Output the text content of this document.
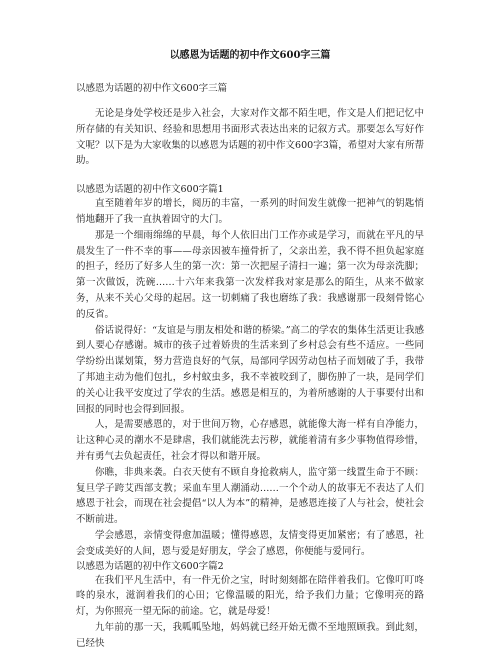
以感恩为话题的初中作文600字三篇

以感恩为话题的初中作文600字三篇

无论是身处学校还是步入社会，大家对作文都不陌生吧，作文是人们把记忆中所存储的有关知识、经验和思想用书面形式表达出来的记叙方式。那要怎么写好作文呢？以下是为大家收集的以感恩为话题的初中作文600字3篇，希望对大家有所帮助。

以感恩为话题的初中作文600字篇1

直至随着年岁的增长，阅历的丰富，一系列的时间发生就像一把神气的钥匙悄悄地翻开了我一直执着固守的大门。

那是一个细雨绵绵的早晨，每个人依旧出门工作亦或是学习，而就在平凡的早晨发生了一件不幸的事——母亲因被车撞骨折了，父亲出差，我不得不担负起家庭的担子，经历了好多人生的第一次：第一次把屋子清扫一遍；第一次为母亲洗脚；第一次做饭，洗碗……十六年来我第一次发样我对家是那么的陌生，从来不做家务，从来不关心父母的起居。这一切刺痛了我也磨练了我：我感谢那一段刻骨铭心的反省。

俗话说得好：“友谊是与朋友相处和谐的桥梁。”高二的学农的集体生活更让我感到人要心存感谢。城市的孩子过着娇贵的生活来到了乡村总会有些不适应。一些同学纷纷出谋划策，努力营造良好的气氛，局部同学因劳动包枯子而划破了手，我带了邦迪主动为他们包扎，乡村蚊虫多，我不幸被咬到了，脚伤肿了一块，是同学们的关心让我平安度过了学农的生活。感恩是相互的，为着所感谢的人于事要付出和回报的同时也会得到回报。

人，是需要感恩的，对于世间万物，心存感恩，就能像大海一样有自净能力，让这种心灵的潮水不是肆虐，我们就能洗去污秽，就能着清有多少事物值得珍惜，并有勇气去负起责任，社会才得以和谐开展。

你瞧，非典来袭。白衣天使有不顾自身抢救病人，监守第一线置生命于不顾：复旦学子跨艾西部支教；采血车里人潮涌动……一个个动人的故事无不表达了人们感恩于社会，而现在社会提倡“以人为本”的精神，是感恩连接了人与社会，使社会不断前进。

学会感恩，亲情变得愈加温暖；懂得感恩，友情变得更加紧密；有了感恩，社会变成美好的人间，恩与爱是好朋友，学会了感恩，你便能与爱同行。

以感恩为话题的初中作文600字篇2

在我们平凡生活中，有一件无价之宝，时时刻刻都在陪伴着我们。它像叮叮咚咚的泉水，滋润着我们的心田；它像温暖的阳光，给予我们力量；它像明亮的路灯，为你照亮一望无际的前途。它，就是母爱！

九年前的那一天，我呱呱坠地，妈妈就已经开始无微不至地照顾我。到此刻，已经快
